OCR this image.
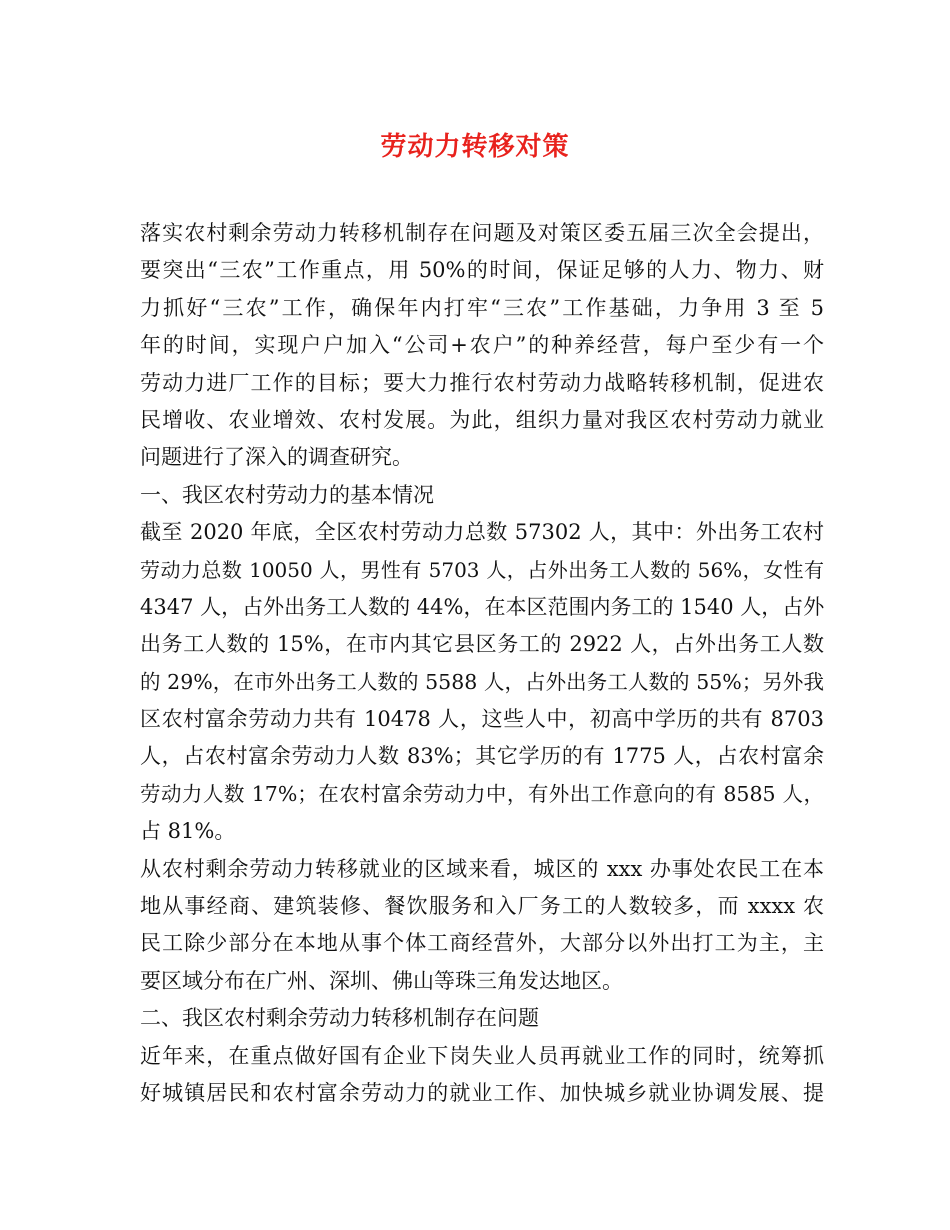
劳动力转移对策
落实农村剩余劳动力转移机制存在问题及对策区委五届三次全会提出，
要突出“三农”工作重点，用 50%的时间，保证足够的人力、物力、财
力抓好“三农”工作，确保年内打牢“三农”工作基础，力争用 3 至 5
年的时间，实现户户加入“公司+农户”的种养经营，每户至少有一个
劳动力进厂工作的目标；要大力推行农村劳动力战略转移机制，促进农
民增收、农业增效、农村发展。为此，组织力量对我区农村劳动力就业
问题进行了深入的调查研究。
一、我区农村劳动力的基本情况
截至 2020 年底，全区农村劳动力总数 57302 人，其中：外出务工农村
劳动力总数 10050 人，男性有 5703 人，占外出务工人数的 56%，女性有
4347 人，占外出务工人数的 44%，在本区范围内务工的 1540 人，占外
出务工人数的 15%，在市内其它县区务工的 2922 人，占外出务工人数
的 29%，在市外出务工人数的 5588 人，占外出务工人数的 55%；另外我
区农村富余劳动力共有 10478 人，这些人中，初高中学历的共有 8703
人，占农村富余劳动力人数 83%；其它学历的有 1775 人，占农村富余
劳动力人数 17%；在农村富余劳动力中，有外出工作意向的有 8585 人，
占 81%。
从农村剩余劳动力转移就业的区域来看，城区的 xxx 办事处农民工在本
地从事经商、建筑装修、餐饮服务和入厂务工的人数较多，而 xxxx 农
民工除少部分在本地从事个体工商经营外，大部分以外出打工为主，主
要区域分布在广州、深圳、佛山等珠三角发达地区。
二、我区农村剩余劳动力转移机制存在问题
近年来，在重点做好国有企业下岗失业人员再就业工作的同时，统筹抓
好城镇居民和农村富余劳动力的就业工作、加快城乡就业协调发展、提
